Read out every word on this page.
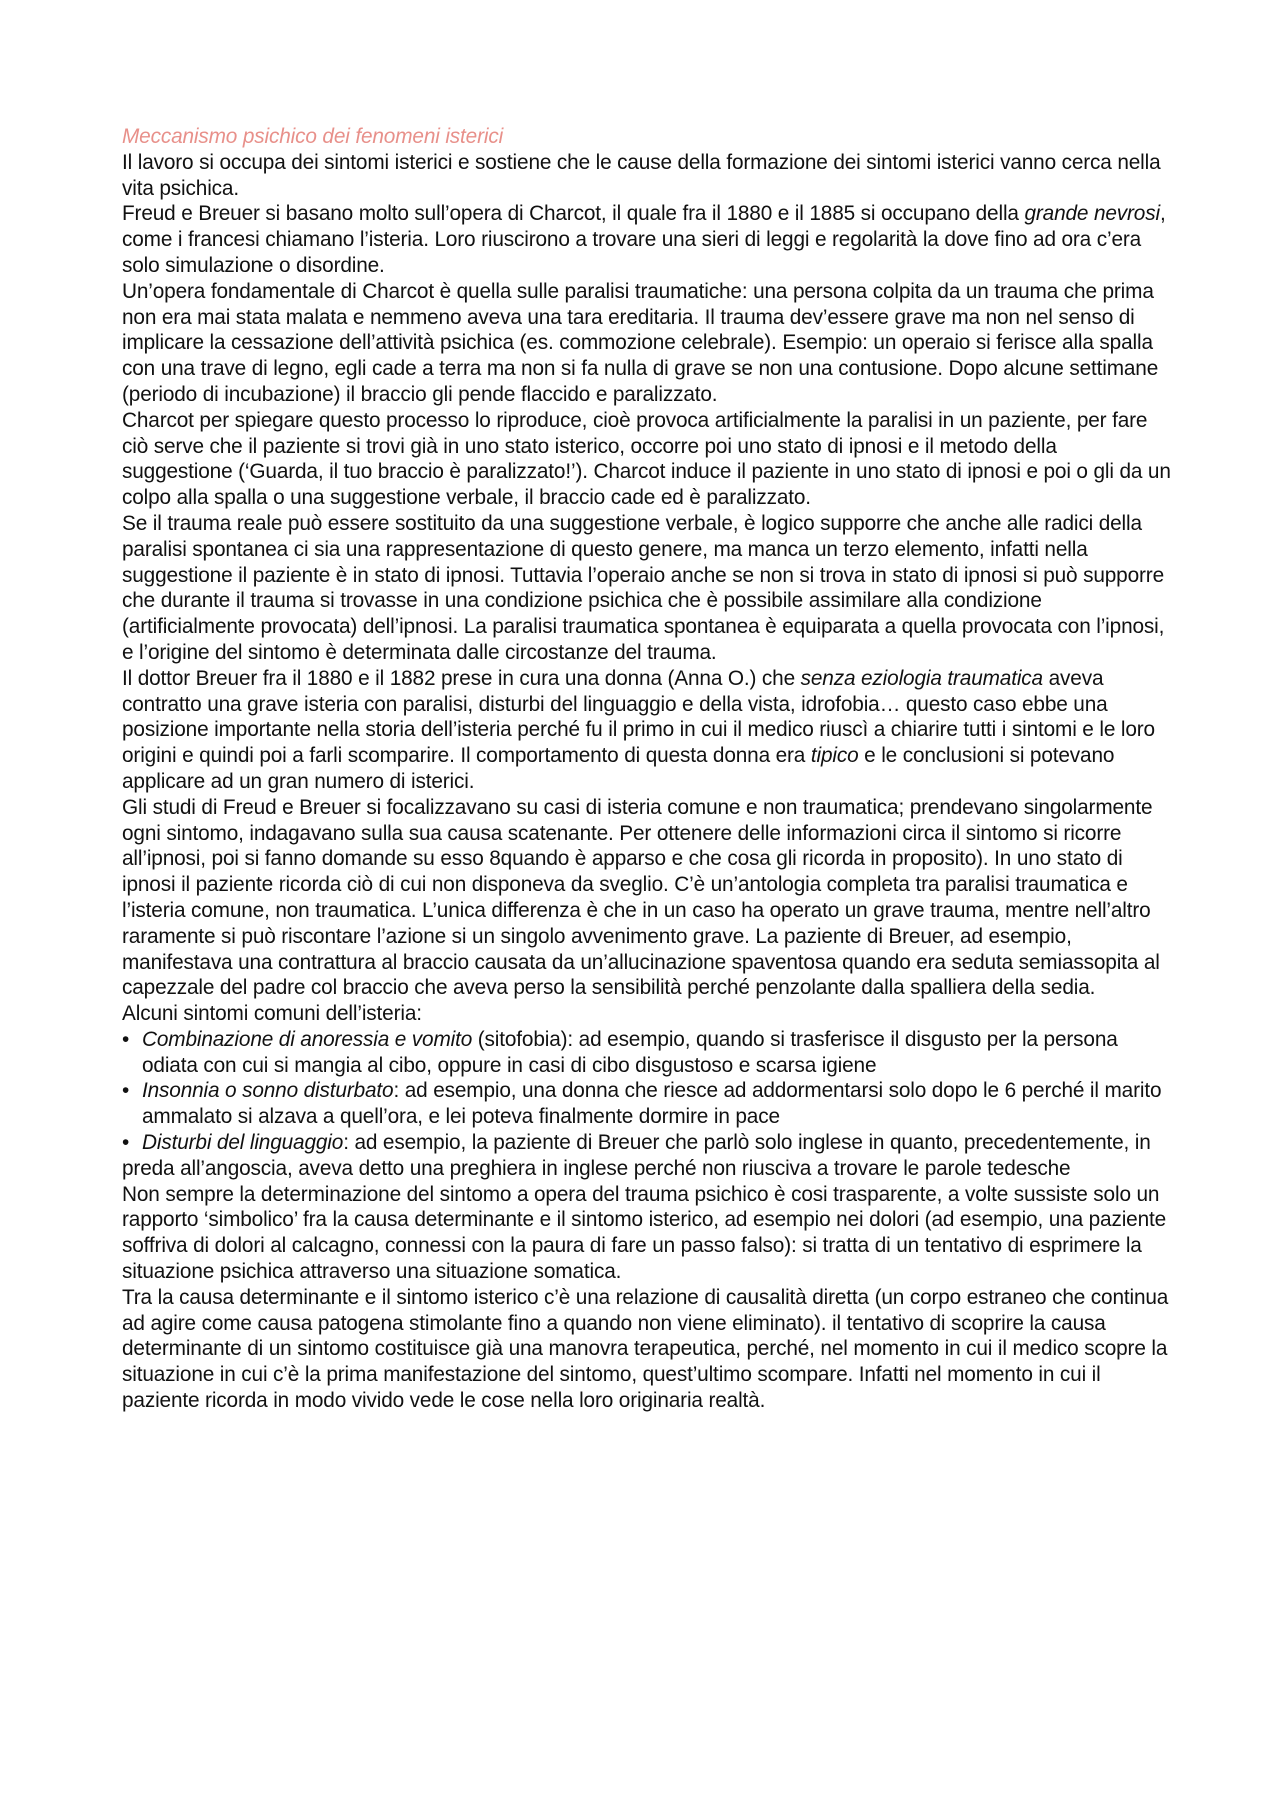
Meccanismo psichico dei fenomeni isterici

Il lavoro si occupa dei sintomi isterici e sostiene che le cause della formazione dei sintomi isterici vanno cerca nella vita psichica.

Freud e Breuer si basano molto sull’opera di Charcot, il quale fra il 1880 e il 1885 si occupano della grande nevrosi, come i francesi chiamano l’isteria. Loro riuscirono a trovare una sieri di leggi e regolarità la dove fino ad ora c’era solo simulazione o disordine.

Un’opera fondamentale di Charcot è quella sulle paralisi traumatiche: una persona colpita da un trauma che prima non era mai stata malata e nemmeno aveva una tara ereditaria. Il trauma dev’essere grave ma non nel senso di implicare la cessazione dell’attività psichica (es. commozione celebrale). Esempio: un operaio si ferisce alla spalla con una trave di legno, egli cade a terra ma non si fa nulla di grave se non una contusione. Dopo alcune settimane (periodo di incubazione) il braccio gli pende flaccido e paralizzato.

Charcot per spiegare questo processo lo riproduce, cioè provoca artificialmente la paralisi in un paziente, per fare ciò serve che il paziente si trovi già in uno stato isterico, occorre poi uno stato di ipnosi e il metodo della suggestione (‘Guarda, il tuo braccio è paralizzato!’). Charcot induce il paziente in uno stato di ipnosi e poi o gli da un colpo alla spalla o una suggestione verbale, il braccio cade ed è paralizzato.

Se il trauma reale può essere sostituito da una suggestione verbale, è logico supporre che anche alle radici della paralisi spontanea ci sia una rappresentazione di questo genere, ma manca un terzo elemento, infatti nella suggestione il paziente è in stato di ipnosi. Tuttavia l’operaio anche se non si trova in stato di ipnosi si può supporre che durante il trauma si trovasse in una condizione psichica che è possibile assimilare alla condizione (artificialmente provocata) dell’ipnosi. La paralisi traumatica spontanea è equiparata a quella provocata con l’ipnosi, e l’origine del sintomo è determinata dalle circostanze del trauma.

Il dottor Breuer fra il 1880 e il 1882 prese in cura una donna (Anna O.) che senza eziologia traumatica aveva contratto una grave isteria con paralisi, disturbi del linguaggio e della vista, idrofobia… questo caso ebbe una posizione importante nella storia dell’isteria perché fu il primo in cui il medico riuscì a chiarire tutti i sintomi e le loro origini e quindi poi a farli scomparire. Il comportamento di questa donna era tipico e le conclusioni si potevano applicare ad un gran numero di isterici.

Gli studi di Freud e Breuer si focalizzavano su casi di isteria comune e non traumatica; prendevano singolarmente ogni sintomo, indagavano sulla sua causa scatenante. Per ottenere delle informazioni circa il sintomo si ricorre all’ipnosi, poi si fanno domande su esso 8quando è apparso e che cosa gli ricorda in proposito). In uno stato di ipnosi il paziente ricorda ciò di cui non disponeva da sveglio. C’è un’antologia completa tra paralisi traumatica e l’isteria comune, non traumatica. L’unica differenza è che in un caso ha operato un grave trauma, mentre nell’altro raramente si può riscontare l’azione si un singolo avvenimento grave. La paziente di Breuer, ad esempio, manifestava una contrattura al braccio causata da un’allucinazione spaventosa quando era seduta semiassopita al capezzale del padre col braccio che aveva perso la sensibilità perché penzolante dalla spalliera della sedia.

Alcuni sintomi comuni dell’isteria:

• Combinazione di anoressia e vomito (sitofobia): ad esempio, quando si trasferisce il disgusto per la persona odiata con cui si mangia al cibo, oppure in casi di cibo disgustoso e scarsa igiene
• Insonnia o sonno disturbato: ad esempio, una donna che riesce ad addormentarsi solo dopo le 6 perché il marito ammalato si alzava a quell’ora, e lei poteva finalmente dormire in pace
• Disturbi del linguaggio: ad esempio, la paziente di Breuer che parlò solo inglese in quanto, precedentemente, in preda all’angoscia, aveva detto una preghiera in inglese perché non riusciva a trovare le parole tedesche

Non sempre la determinazione del sintomo a opera del trauma psichico è cosi trasparente, a volte sussiste solo un rapporto ‘simbolico’ fra la causa determinante e il sintomo isterico, ad esempio nei dolori (ad esempio, una paziente soffriva di dolori al calcagno, connessi con la paura di fare un passo falso): si tratta di un tentativo di esprimere la situazione psichica attraverso una situazione somatica.

Tra la causa determinante e il sintomo isterico c’è una relazione di causalità diretta (un corpo estraneo che continua ad agire come causa patogena stimolante fino a quando non viene eliminato). il tentativo di scoprire la causa determinante di un sintomo costituisce già una manovra terapeutica, perché, nel momento in cui il medico scopre la situazione in cui c’è la prima manifestazione del sintomo, quest’ultimo scompare. Infatti nel momento in cui il paziente ricorda in modo vivido vede le cose nella loro originaria realtà.
